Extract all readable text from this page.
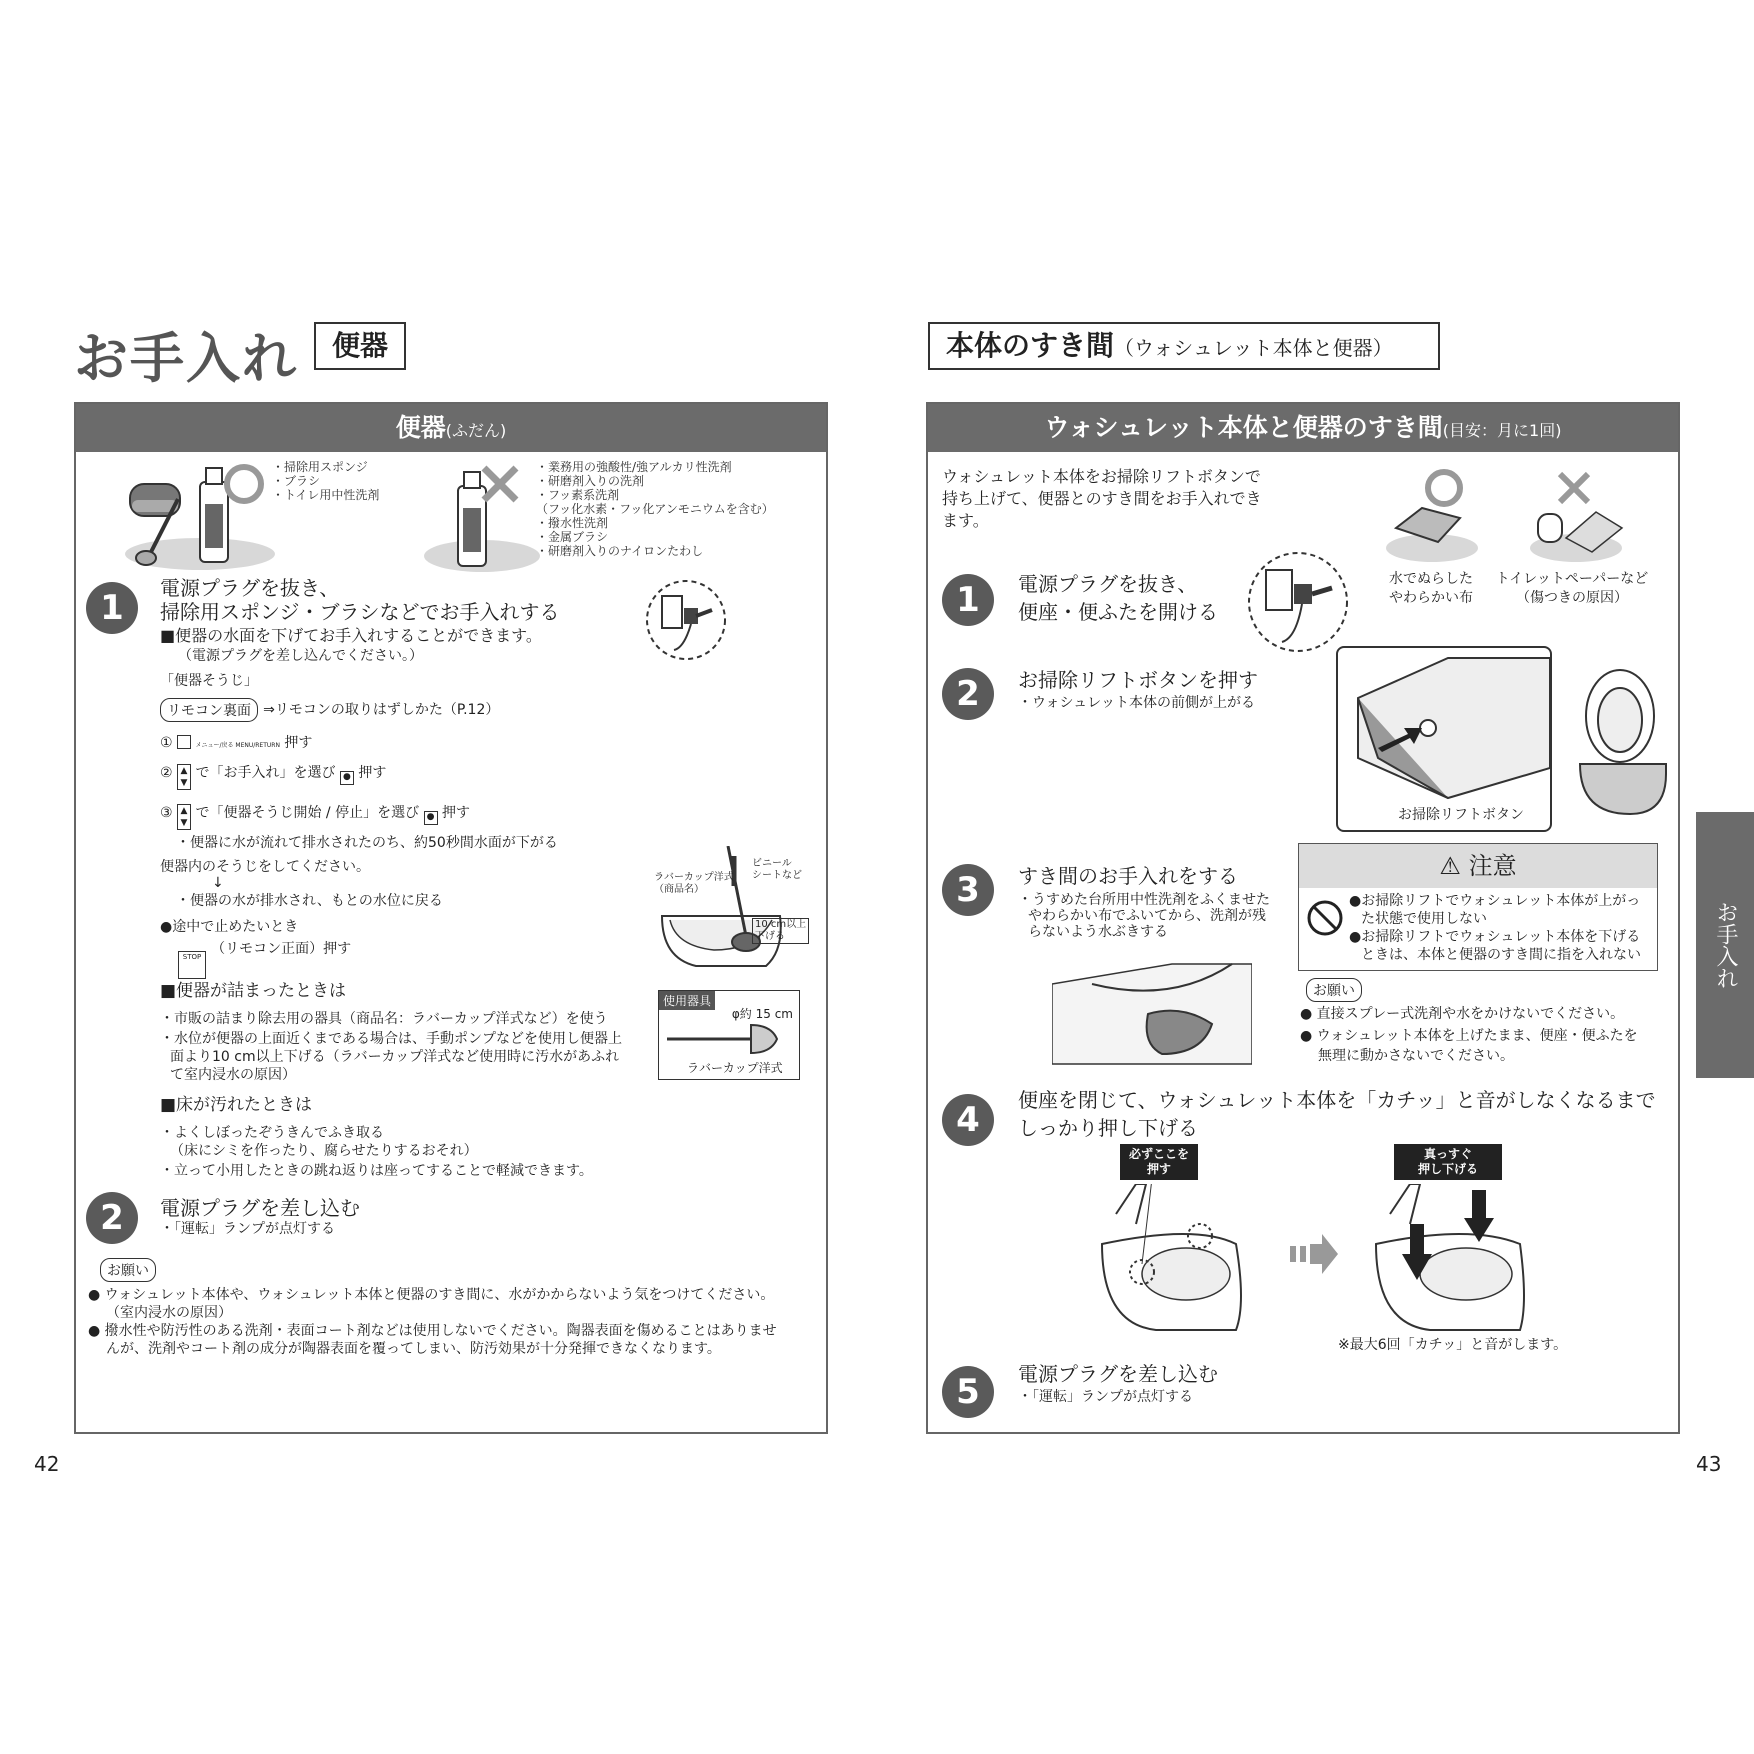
お手入れ	便器
便器(ふだん)
・掃除用スポンジ
・ブラシ
・トイレ用中性洗剤
・業務用の強酸性/強アルカリ性洗剤
・研磨剤入りの洗剤
・フッ素系洗剤
（フッ化水素・フッ化アンモニウムを含む）
・撥水性洗剤
・金属ブラシ
・研磨剤入りのナイロンたわし
1	電源プラグを抜き、
掃除用スポンジ・ブラシなどでお手入れする
■便器の水面を下げてお手入れすることができます。
（電源プラグを差し込んでください。）
「便器そうじ」
リモコン裏面 ⇒リモコンの取りはずしかた（P.12）
①	メニュー/戻る MENU/RETURN 押す
② ▲
▼ で「お手入れ」を選び ● 押す
③ ▲
▼ で「便器そうじ開始 / 停止」を選び ● 押す
・便器に水が流れて排水されたのち、約50秒間水面が下がる
便器内のそうじをしてください。
↓
・便器の水が排水され、もとの水位に戻る
●途中で止めたいとき
STOP （リモコン正面）押す
ラバーカップ洋式
（商品名）
ビニール
シートなど
10 cm以上
下げる
■便器が詰まったときは
・市販の詰まり除去用の器具（商品名：ラバーカップ洋式など）を使う
・水位が便器の上面近くまである場合は、手動ポンプなどを使用し便器上
面より10 cm以上下げる（ラバーカップ洋式など使用時に汚水があふれ
て室内浸水の原因）
使用器具
φ約 15 cm
ラバーカップ洋式
■床が汚れたときは
・よくしぼったぞうきんでふき取る
（床にシミを作ったり、腐らせたりするおそれ）
・立って小用したときの跳ね返りは座ってすることで軽減できます。
2	電源プラグを差し込む
・「運転」ランプが点灯する
お願い
● ウォシュレット本体や、ウォシュレット本体と便器のすき間に、水がかからないよう気をつけてください。
（室内浸水の原因）
● 撥水性や防汚性のある洗剤・表面コート剤などは使用しないでください。陶器表面を傷めることはありませ
んが、洗剤やコート剤の成分が陶器表面を覆ってしまい、防汚効果が十分発揮できなくなります。
42
本体のすき間（ウォシュレット本体と便器）
ウォシュレット本体と便器のすき間(目安：月に1回)
ウォシュレット本体をお掃除リフトボタンで
持ち上げて、便器とのすき間をお手入れでき
ます。
水でぬらした
やわらかい布
トイレットペーパーなど
（傷つきの原因）
1	電源プラグを抜き、
便座・便ふたを開ける
2	お掃除リフトボタンを押す
・ウォシュレット本体の前側が上がる
お掃除リフトボタン
3	すき間のお手入れをする
・うすめた台所用中性洗剤をふくませた
やわらかい布でふいてから、洗剤が残
らないよう水ぶきする
⚠ 注意
●お掃除リフトでウォシュレット本体が上がっ
た状態で使用しない
●お掃除リフトでウォシュレット本体を下げる
ときは、本体と便器のすき間に指を入れない
お願い
● 直接スプレー式洗剤や水をかけないでください。
● ウォシュレット本体を上げたまま、便座・便ふたを
無理に動かさないでください。
4	便座を閉じて、ウォシュレット本体を「カチッ」と音がしなくなるまで
しっかり押し下げる
必ずここを
押す
真っすぐ
押し下げる
※最大6回「カチッ」と音がします。
5	電源プラグを差し込む
・「運転」ランプが点灯する
お手入れ
43
